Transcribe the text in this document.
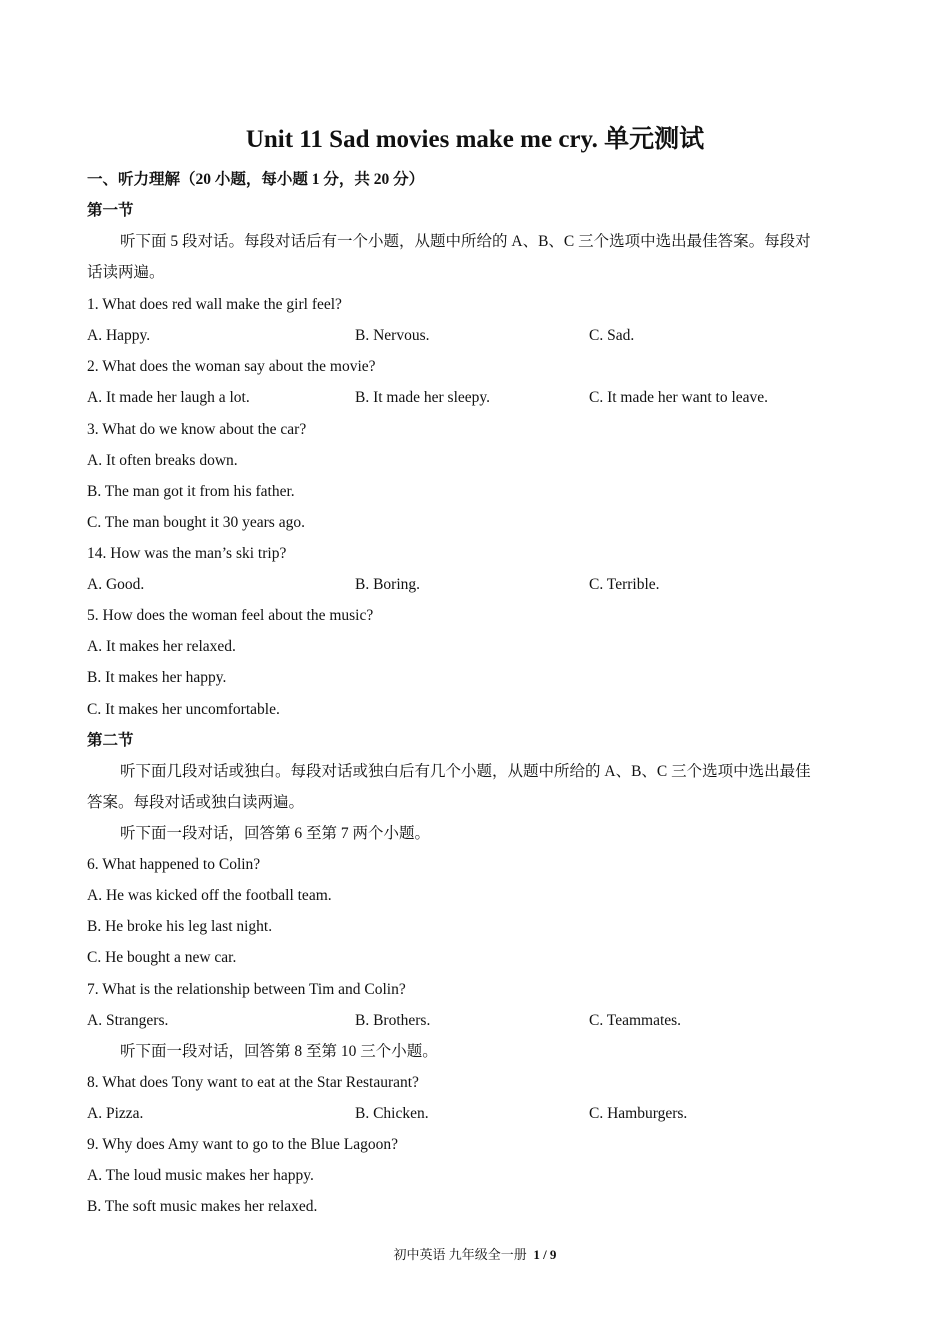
Unit 11 Sad movies make me cry. 单元测试
一、听力理解（20 小题，每小题 1 分，共 20 分）
第一节
听下面 5 段对话。每段对话后有一个小题，从题中所给的 A、B、C 三个选项中选出最佳答案。每段对
话读两遍。
1. What does red wall make the girl feel?
A. Happy.	B. Nervous.	C. Sad.
2. What does the woman say about the movie?
A. It made her laugh a lot.	B. It made her sleepy.	C. It made her want to leave.
3. What do we know about the car?
A. It often breaks down.
B. The man got it from his father.
C. The man bought it 30 years ago.
14. How was the man’s ski trip?
A. Good.	B. Boring.	C. Terrible.
5. How does the woman feel about the music?
A. It makes her relaxed.
B. It makes her happy.
C. It makes her uncomfortable.
第二节
听下面几段对话或独白。每段对话或独白后有几个小题，从题中所给的 A、B、C 三个选项中选出最佳
答案。每段对话或独白读两遍。
听下面一段对话，回答第 6 至第 7 两个小题。
6. What happened to Colin?
A. He was kicked off the football team.
B. He broke his leg last night.
C. He bought a new car.
7. What is the relationship between Tim and Colin?
A. Strangers.	B. Brothers.	C. Teammates.
听下面一段对话，回答第 8 至第 10 三个小题。
8. What does Tony want to eat at the Star Restaurant?
A. Pizza.	B. Chicken.	C. Hamburgers.
9. Why does Amy want to go to the Blue Lagoon?
A. The loud music makes her happy.
B. The soft music makes her relaxed.
初中英语 九年级全一册 1 / 9
